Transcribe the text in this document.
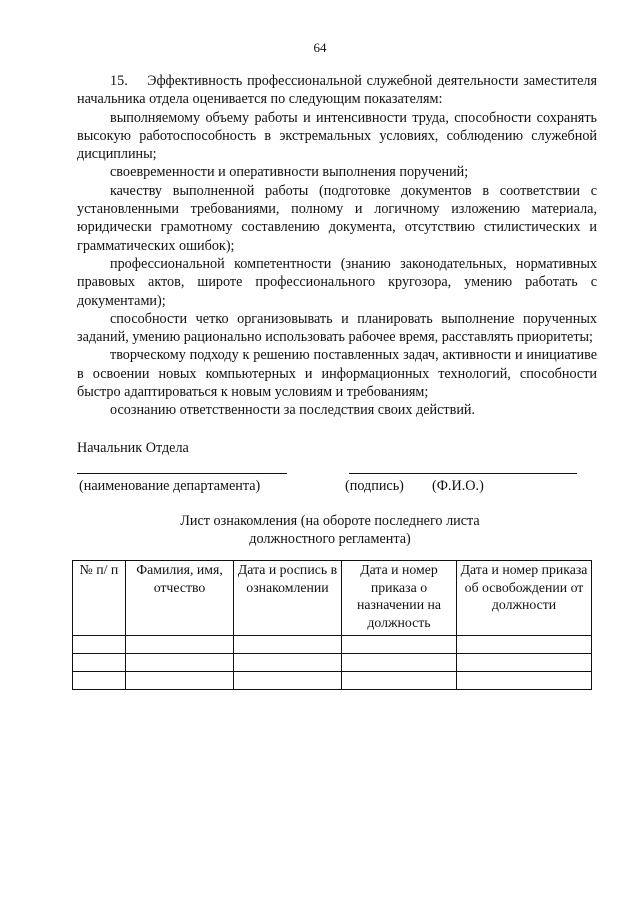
64

15.    Эффективность профессиональной служебной деятельности заместителя начальника отдела оценивается по следующим показателям:

выполняемому объему работы и интенсивности труда, способности сохранять высокую работоспособность в экстремальных условиях, соблюдению служебной дисциплины;

своевременности и оперативности выполнения поручений;

качеству выполненной работы (подготовке документов в соответствии с установленными требованиями, полному и логичному изложению материала, юридически грамотному составлению документа, отсутствию стилистических и грамматических ошибок);

профессиональной компетентности (знанию законодательных, нормативных правовых актов, широте профессионального кругозора, умению работать с документами);

способности четко организовывать и планировать выполнение порученных заданий, умению рационально использовать рабочее время, расставлять приоритеты;

творческому подходу к решению поставленных задач, активности и инициативе в освоении новых компьютерных и информационных технологий, способности быстро адаптироваться к новым условиям и требованиям;

осознанию ответственности за последствия своих действий.

Начальник Отдела

(наименование департамента)	(подпись) (Ф.И.О.)
Лист ознакомления (на обороте последнего листа
должностного регламента)
№ п/ п	Фамилия, имя, отчество	Дата и роспись в ознакомлении	Дата и номер приказа о назначении на должность	Дата и номер приказа об освобождении от должности
